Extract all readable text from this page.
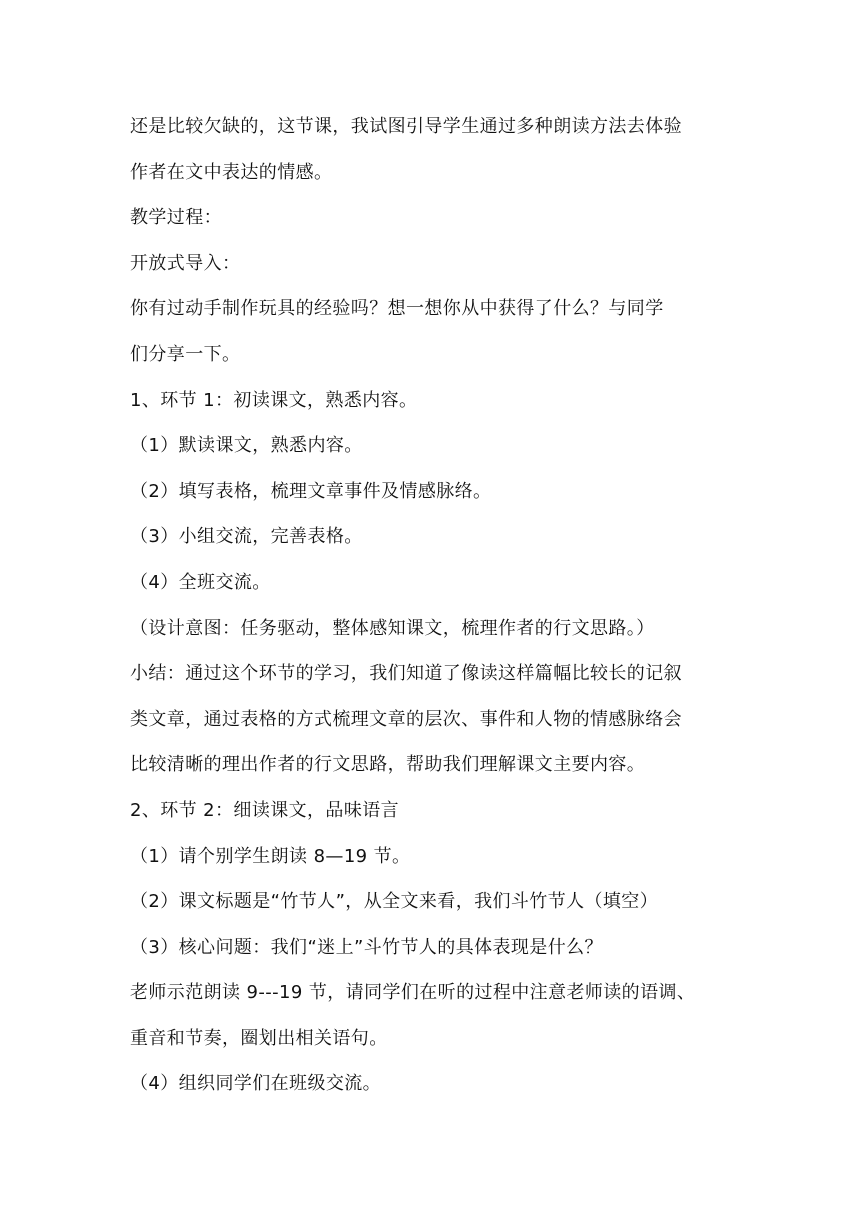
还是比较欠缺的，这节课，我试图引导学生通过多种朗读方法去体验
作者在文中表达的情感。
教学过程：
开放式导入：
你有过动手制作玩具的经验吗？想一想你从中获得了什么？与同学
们分享一下。
1、环节 1：初读课文，熟悉内容。
（1）默读课文，熟悉内容。
（2）填写表格，梳理文章事件及情感脉络。
（3）小组交流，完善表格。
（4）全班交流。
（设计意图：任务驱动，整体感知课文，梳理作者的行文思路。）
小结：通过这个环节的学习，我们知道了像读这样篇幅比较长的记叙
类文章，通过表格的方式梳理文章的层次、事件和人物的情感脉络会
比较清晰的理出作者的行文思路，帮助我们理解课文主要内容。
2、环节 2：细读课文，品味语言
（1）请个别学生朗读 8—19 节。
（2）课文标题是“竹节人”，从全文来看，我们斗竹节人（填空）
（3）核心问题：我们“迷上”斗竹节人的具体表现是什么？
老师示范朗读 9---19 节，请同学们在听的过程中注意老师读的语调、
重音和节奏，圈划出相关语句。
（4）组织同学们在班级交流。
